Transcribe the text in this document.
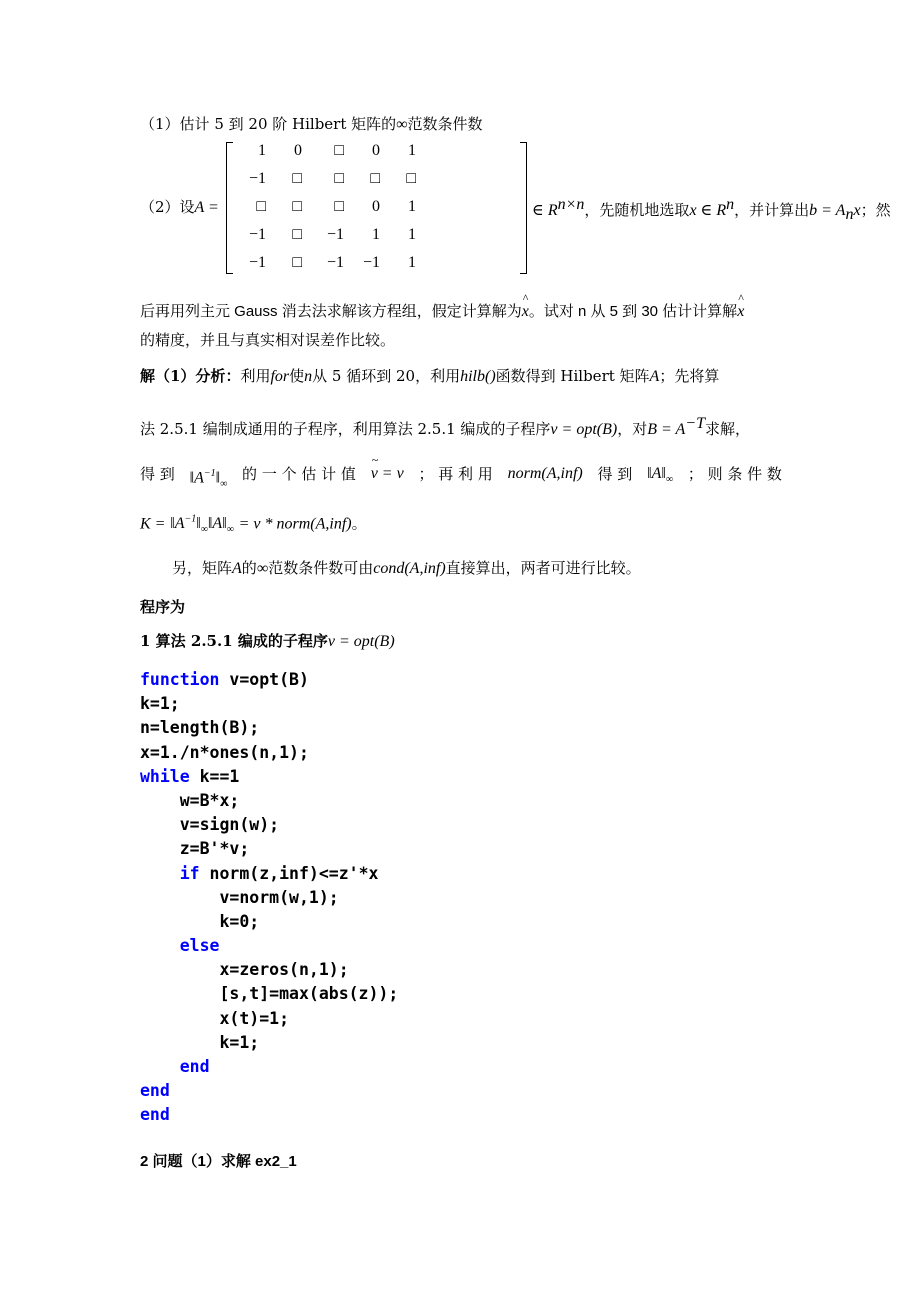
（1）估计 5 到 20 阶 Hilbert 矩阵的∞范数条件数
（2）设A =
1	0	□	0	1
−1	□	□	□	□
□	□	□	0	1
−1	□	−1	1	1
−1	□	−1	−1	1
∈ $R^{n\times n}$，先随机地选取x ∈ $R^n$，并计算出$b = A_nx$；然
后再用列主元 Gauss 消去法求解该方程组，假定计算解为^ x。试对 n 从 5 到 30 估计计算解^ x
的精度，并且与真实相对误差作比较。
解（1）分析：利用for使n从 5 循环到 20，利用hilb()函数得到 Hilbert 矩阵A；先将算
法 2.5.1 编制成通用的子程序，利用算法 2.5.1 编成的子程序v = opt(B)，对$B = A^{-T}$求解，
得 到 $‖A^{-1}‖_\infty$
的 一 个 估 计 值
~ v = v ； 再 利 用 norm(A,inf) 得 到 $‖A‖_\infty$ ； 则 条 件 数
$K = ‖A^{-1}‖_\infty‖A‖_\infty = v$ * norm(A,inf)。
另，矩阵A的∞范数条件数可由cond(A,inf)直接算出，两者可进行比较。
程序为
1 算法 2.5.1 编成的子程序v = opt(B)
function v=opt(B)
k=1;
n=length(B);
x=1./n*ones(n,1);
while k==1
w=B*x;
v=sign(w);
z=B'*v;
if norm(z,inf)<=z'*x
v=norm(w,1);
k=0;
else
x=zeros(n,1);
[s,t]=max(abs(z));
x(t)=1;
k=1;
end
end
end
2 问题（1）求解 ex2_1
